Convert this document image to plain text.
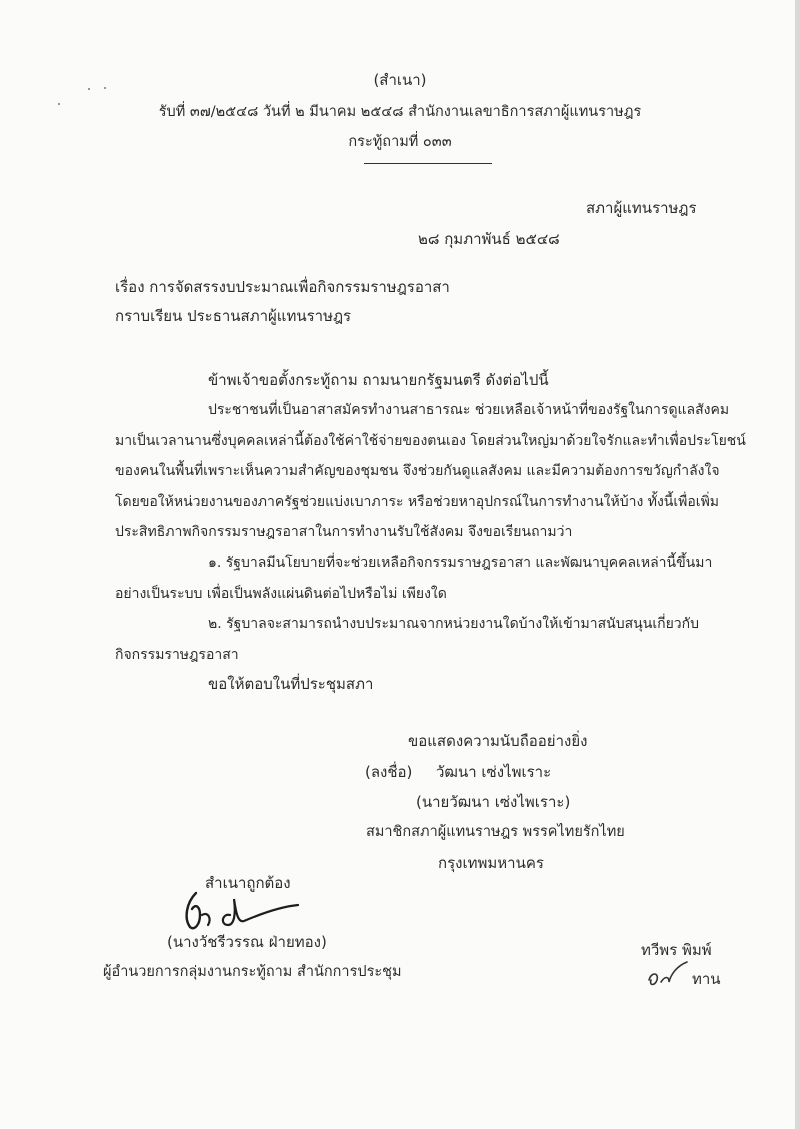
(สำเนา)
รับที่ ๓๗/๒๕๔๘ วันที่ ๒ มีนาคม ๒๕๔๘ สำนักงานเลขาธิการสภาผู้แทนราษฎร
กระทู้ถามที่ ๐๓๓
สภาผู้แทนราษฎร
๒๘ กุมภาพันธ์ ๒๕๔๘
เรื่อง การจัดสรรงบประมาณเพื่อกิจกรรมราษฎรอาสา
กราบเรียน ประธานสภาผู้แทนราษฎร
ข้าพเจ้าขอตั้งกระทู้ถาม ถามนายกรัฐมนตรี ดังต่อไปนี้
ประชาชนที่เป็นอาสาสมัครทำงานสาธารณะ ช่วยเหลือเจ้าหน้าที่ของรัฐในการดูแลสังคม
มาเป็นเวลานานซึ่งบุคคลเหล่านี้ต้องใช้ค่าใช้จ่ายของตนเอง โดยส่วนใหญ่มาด้วยใจรักและทำเพื่อประโยชน์
ของคนในพื้นที่เพราะเห็นความสำคัญของชุมชน จึงช่วยกันดูแลสังคม และมีความต้องการขวัญกำลังใจ
โดยขอให้หน่วยงานของภาครัฐช่วยแบ่งเบาภาระ หรือช่วยหาอุปกรณ์ในการทำงานให้บ้าง ทั้งนี้เพื่อเพิ่ม
ประสิทธิภาพกิจกรรมราษฎรอาสาในการทำงานรับใช้สังคม จึงขอเรียนถามว่า
๑. รัฐบาลมีนโยบายที่จะช่วยเหลือกิจกรรมราษฎรอาสา และพัฒนาบุคคลเหล่านี้ขึ้นมา
อย่างเป็นระบบ เพื่อเป็นพลังแผ่นดินต่อไปหรือไม่ เพียงใด
๒. รัฐบาลจะสามารถนำงบประมาณจากหน่วยงานใดบ้างให้เข้ามาสนับสนุนเกี่ยวกับ
กิจกรรมราษฎรอาสา
ขอให้ตอบในที่ประชุมสภา
ขอแสดงความนับถืออย่างยิ่ง
(ลงชื่อ) วัฒนา เซ่งไพเราะ
(นายวัฒนา เซ่งไพเราะ)
สมาชิกสภาผู้แทนราษฎร พรรคไทยรักไทย
กรุงเทพมหานคร
สำเนาถูกต้อง
(นางวัชรีวรรณ ฝ่ายทอง)
ผู้อำนวยการกลุ่มงานกระทู้ถาม สำนักการประชุม
ทวีพร พิมพ์
ทาน
